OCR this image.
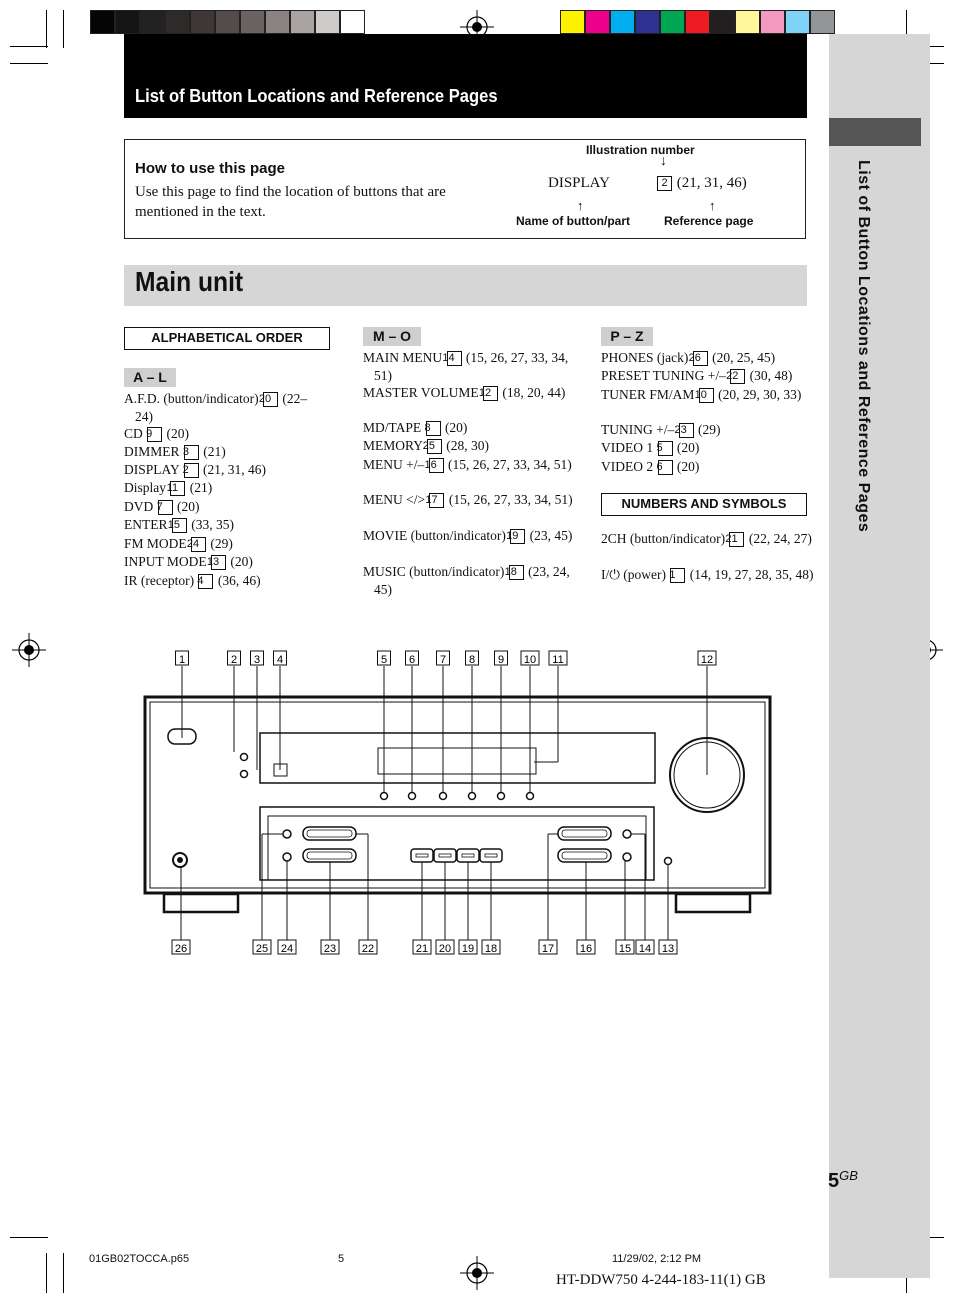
List of Button Locations and Reference Pages
List of Button Locations and Reference Pages
How to use this page
Use this page to find the location of buttons that are mentioned in the text.
Illustration number
↓
DISPLAY	2 (21, 31, 46)
↑	↑
Name of button/part	Reference page
Main unit
ALPHABETICAL ORDER
A – L
M – O	P – Z
NUMBERS AND SYMBOLS
A.F.D. (button/indicator) 20 (22– 24)
CD 9 (20)
DIMMER 3 (21)
DISPLAY 2 (21, 31, 46)
Display 11 (21)
DVD 7 (20)
ENTER 15 (33, 35)
FM MODE 24 (29)
INPUT MODE 13 (20)
IR (receptor) 4 (36, 46)
MAIN MENU 14 (15, 26, 27, 33, 34, 51)
MASTER VOLUME 12 (18, 20, 44)
MD/TAPE 8 (20)
MEMORY 25 (28, 30)
MENU +/– 16 (15, 26, 27, 33, 34, 51)
MENU </> 17 (15, 26, 27, 33, 34, 51)
MOVIE (button/indicator) 19 (23, 45)
MUSIC (button/indicator) 18 (23, 24, 45)
PHONES (jack) 26 (20, 25, 45)
PRESET TUNING +/– 22 (30, 48)
TUNER FM/AM 10 (20, 29, 30, 33)
TUNING +/– 23 (29)
VIDEO 1 5 (20)
VIDEO 2 6 (20)
2CH (button/indicator) 21 (22, 24, 27)
I/⏻ (power) 1 (14, 19, 27, 28, 35, 48)
1	2 3 4	5 6 7 8 9 10 11	12
26	25 24	23 22	21 20 19 18	17 16 15 14 13
$5^{GB}$
01GB02TOCCA.p65	5	11/29/02, 2:12 PM
HT-DDW750 4-244-183-11(1) GB
